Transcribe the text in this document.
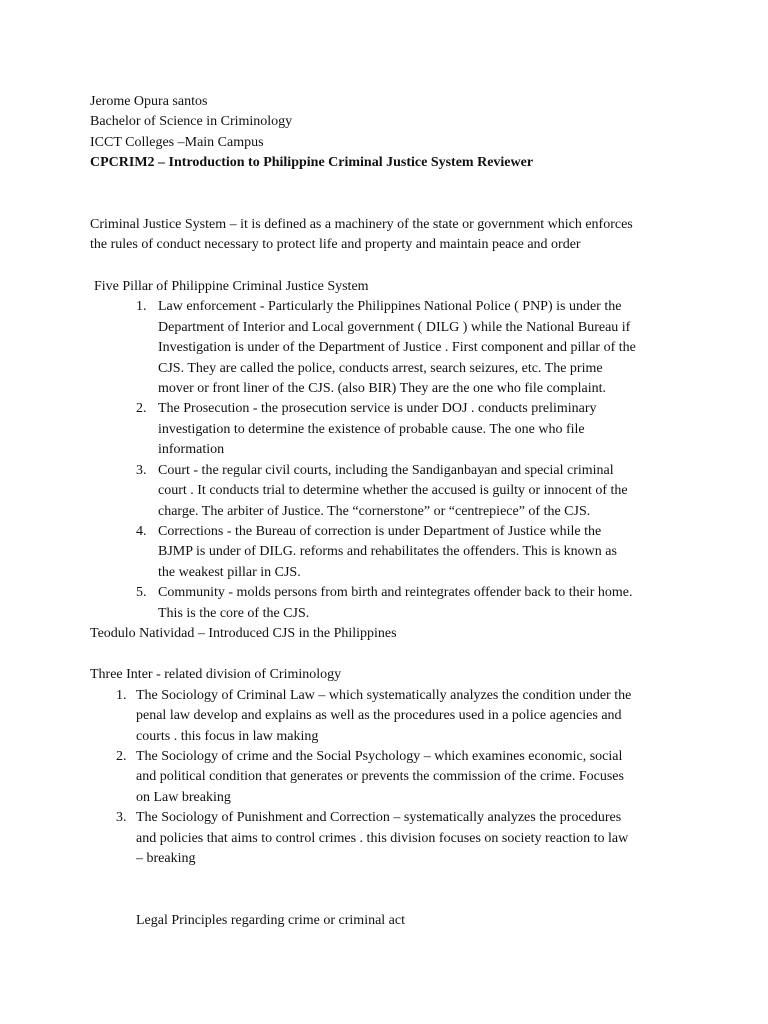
Jerome Opura santos
Bachelor of Science in Criminology
ICCT Colleges –Main Campus
CPCRIM2 – Introduction to Philippine Criminal Justice System Reviewer
Criminal Justice System – it is defined as a machinery of the state or government which enforces
the rules of conduct necessary to protect life and property and maintain peace and order
Five Pillar of Philippine Criminal Justice System
1. Law enforcement - Particularly the Philippines National Police ( PNP) is under the
Department of Interior and Local government ( DILG ) while the National Bureau if
Investigation is under of the Department of Justice . First component and pillar of the
CJS. They are called the police, conducts arrest, search seizures, etc. The prime
mover or front liner of the CJS. (also BIR) They are the one who file complaint.
2. The Prosecution - the prosecution service is under DOJ . conducts preliminary
investigation to determine the existence of probable cause. The one who file
information
3. Court - the regular civil courts, including the Sandiganbayan and special criminal
court . It conducts trial to determine whether the accused is guilty or innocent of the
charge. The arbiter of Justice. The “cornerstone” or “centrepiece” of the CJS.
4. Corrections - the Bureau of correction is under Department of Justice while the
BJMP is under of DILG. reforms and rehabilitates the offenders. This is known as
the weakest pillar in CJS.
5. Community - molds persons from birth and reintegrates offender back to their home.
This is the core of the CJS.
Teodulo Natividad – Introduced CJS in the Philippines
Three Inter - related division of Criminology
1. The Sociology of Criminal Law – which systematically analyzes the condition under the
penal law develop and explains as well as the procedures used in a police agencies and
courts . this focus in law making
2. The Sociology of crime and the Social Psychology – which examines economic, social
and political condition that generates or prevents the commission of the crime. Focuses
on Law breaking
3. The Sociology of Punishment and Correction – systematically analyzes the procedures
and policies that aims to control crimes . this division focuses on society reaction to law
– breaking
Legal Principles regarding crime or criminal act
